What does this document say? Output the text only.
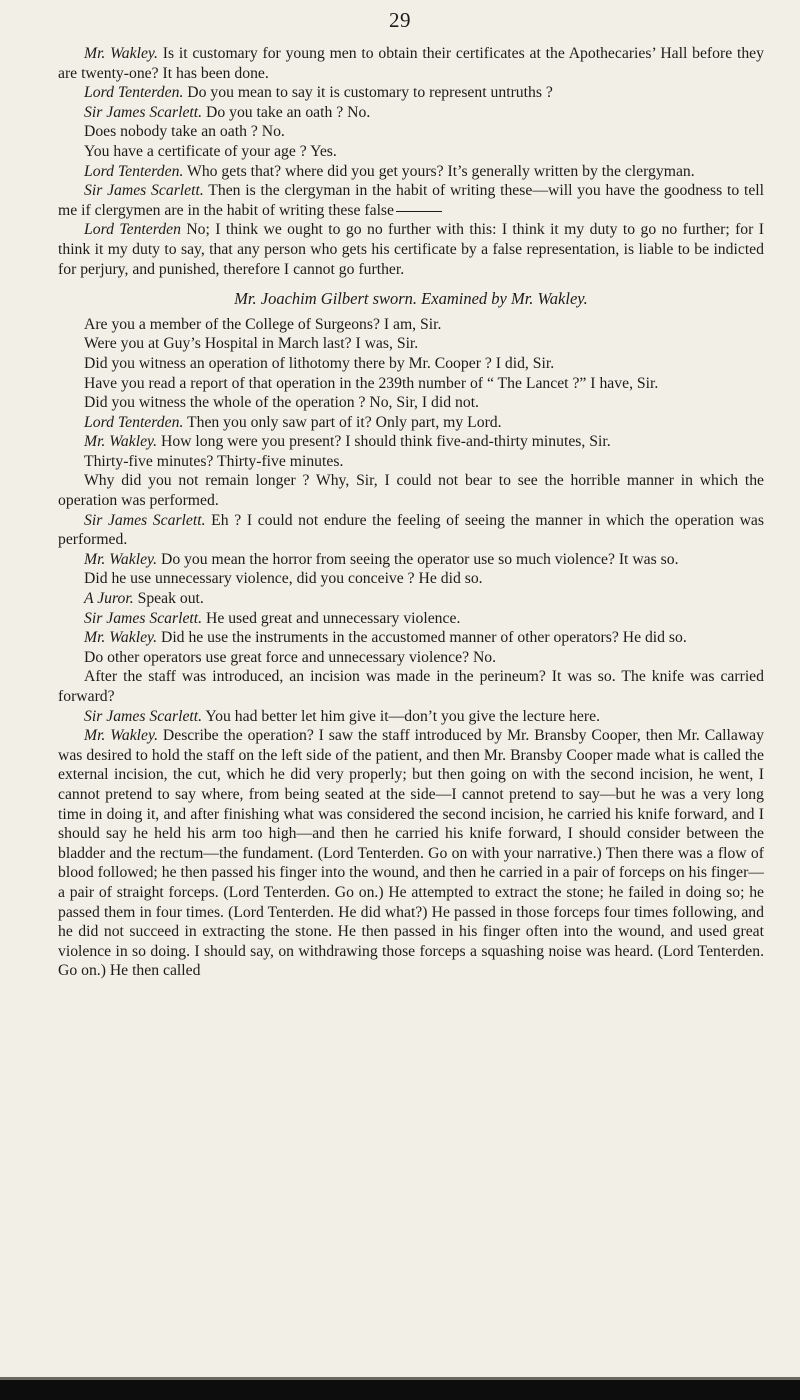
29

Mr. Wakley. Is it customary for young men to obtain their certificates at the Apothecaries’ Hall before they are twenty-one? It has been done.

Lord Tenterden. Do you mean to say it is customary to represent untruths ?

Sir James Scarlett. Do you take an oath ? No.

Does nobody take an oath ? No.

You have a certificate of your age ? Yes.

Lord Tenterden. Who gets that? where did you get yours? It’s generally written by the clergyman.

Sir James Scarlett. Then is the clergyman in the habit of writing these—will you have the goodness to tell me if clergymen are in the habit of writing these false

Lord Tenterden No; I think we ought to go no further with this: I think it my duty to go no further; for I think it my duty to say, that any person who gets his certificate by a false representation, is liable to be indicted for perjury, and punished, therefore I cannot go further.

Mr. Joachim Gilbert sworn. Examined by Mr. Wakley.

Are you a member of the College of Surgeons? I am, Sir.

Were you at Guy’s Hospital in March last? I was, Sir.

Did you witness an operation of lithotomy there by Mr. Cooper ? I did, Sir.

Have you read a report of that operation in the 239th number of “ The Lancet ?” I have, Sir.

Did you witness the whole of the operation ? No, Sir, I did not.

Lord Tenterden. Then you only saw part of it? Only part, my Lord.

Mr. Wakley. How long were you present? I should think five-and-thirty minutes, Sir.

Thirty-five minutes? Thirty-five minutes.

Why did you not remain longer ? Why, Sir, I could not bear to see the horrible manner in which the operation was performed.

Sir James Scarlett. Eh ? I could not endure the feeling of seeing the manner in which the operation was performed.

Mr. Wakley. Do you mean the horror from seeing the operator use so much violence? It was so.

Did he use unnecessary violence, did you conceive ? He did so.

A Juror. Speak out.

Sir James Scarlett. He used great and unnecessary violence.

Mr. Wakley. Did he use the instruments in the accustomed manner of other operators? He did so.

Do other operators use great force and unnecessary violence? No.

After the staff was introduced, an incision was made in the perineum? It was so. The knife was carried forward?

Sir James Scarlett. You had better let him give it—don’t you give the lecture here.

Mr. Wakley. Describe the operation? I saw the staff introduced by Mr. Bransby Cooper, then Mr. Callaway was desired to hold the staff on the left side of the patient, and then Mr. Bransby Cooper made what is called the external incision, the cut, which he did very properly; but then going on with the second incision, he went, I cannot pretend to say where, from being seated at the side—I cannot pretend to say—but he was a very long time in doing it, and after finishing what was considered the second incision, he carried his knife forward, and I should say he held his arm too high—and then he carried his knife forward, I should consider between the bladder and the rectum—the fundament. (Lord Tenterden. Go on with your narrative.) Then there was a flow of blood followed; he then passed his finger into the wound, and then he carried in a pair of forceps on his finger—a pair of straight forceps. (Lord Tenterden. Go on.) He attempted to extract the stone; he failed in doing so; he passed them in four times. (Lord Tenterden. He did what?) He passed in those forceps four times following, and he did not succeed in extracting the stone. He then passed in his finger often into the wound, and used great violence in so doing. I should say, on withdrawing those forceps a squashing noise was heard. (Lord Tenterden. Go on.) He then called
